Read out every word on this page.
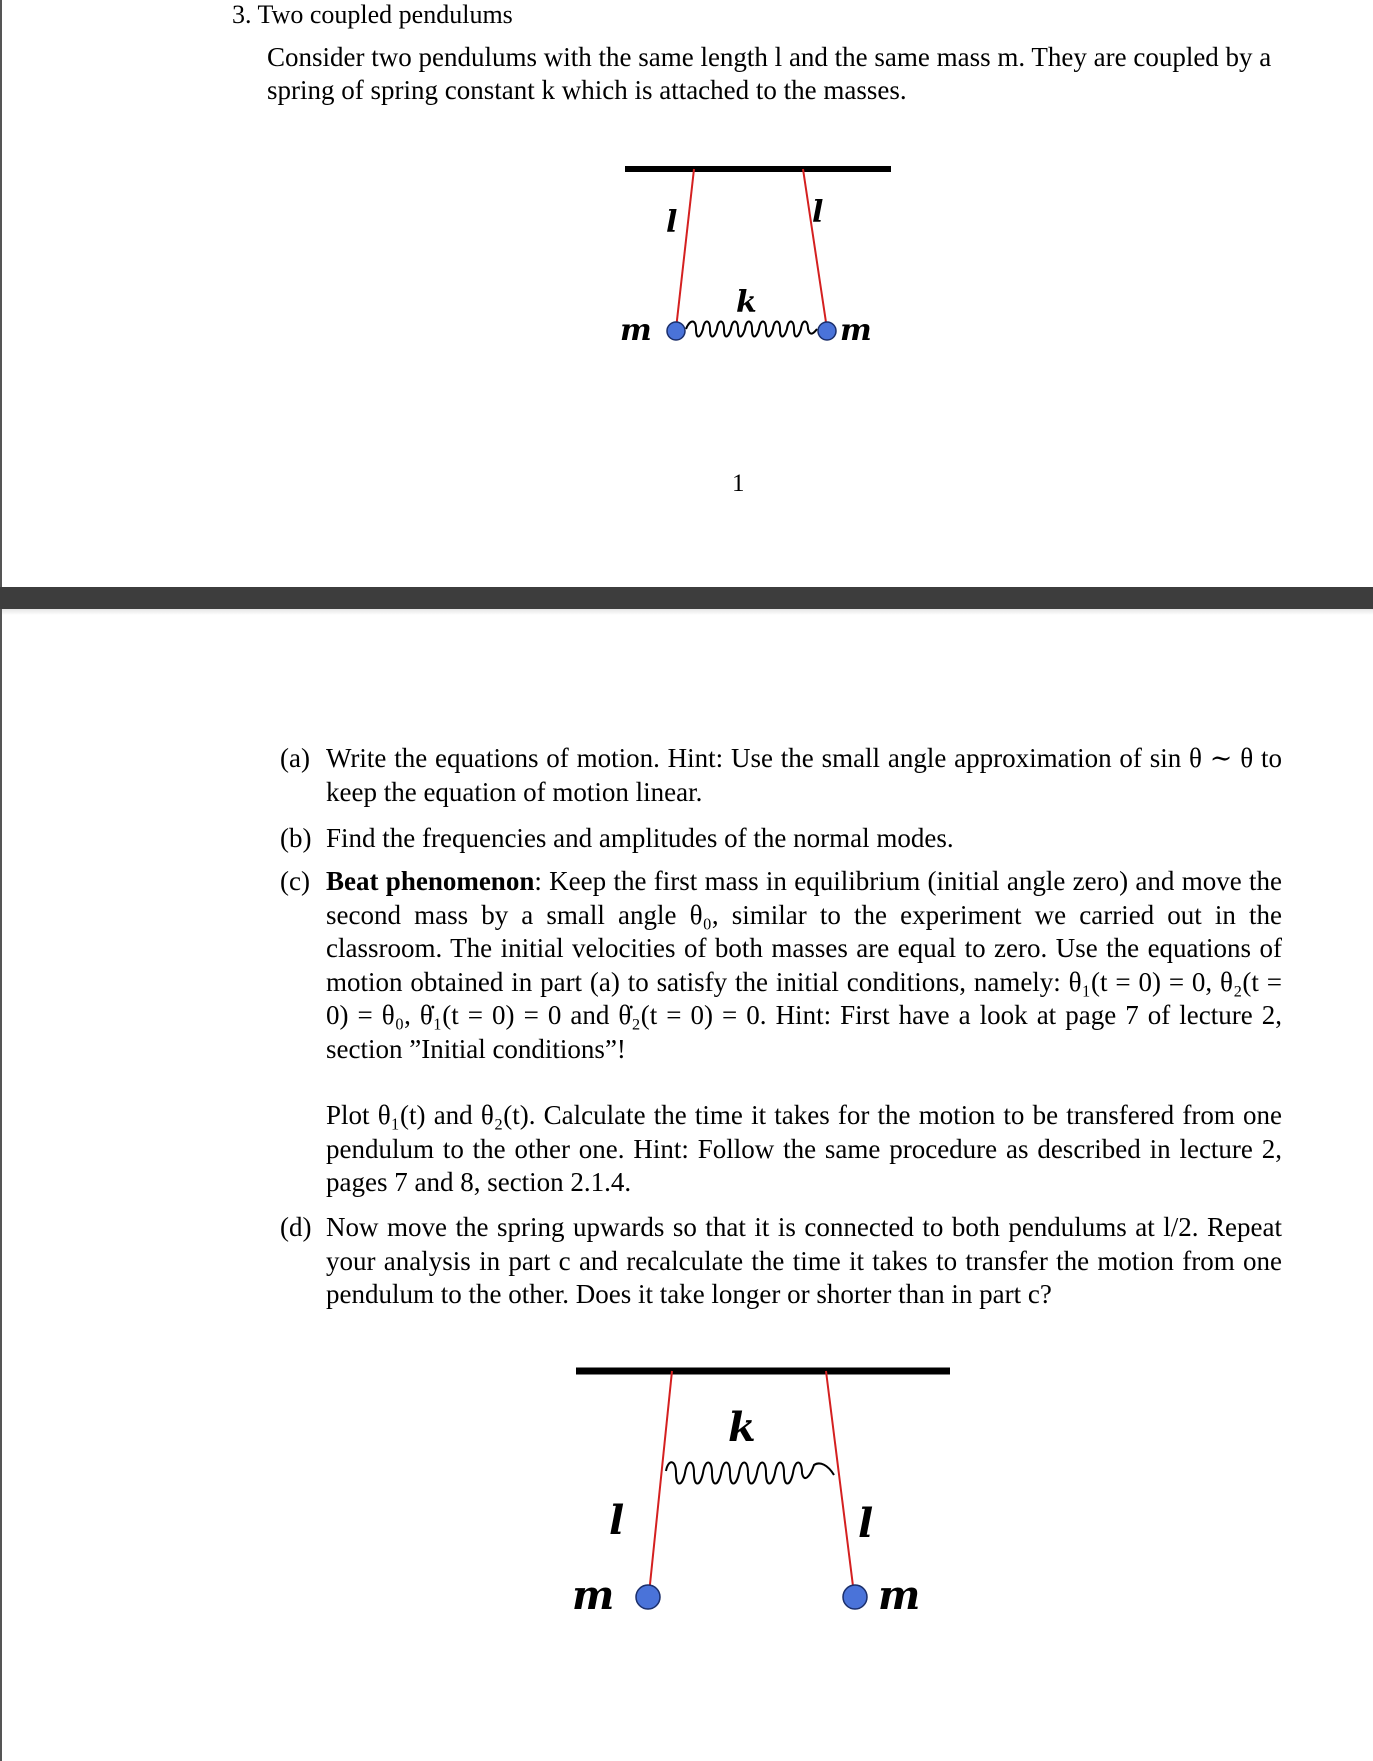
3. Two coupled pendulums
Consider two pendulums with the same length l and the same mass m. They are coupled by a spring of spring constant k which is attached to the masses.
l	l
k
m	m
1
(a) Write the equations of motion. Hint: Use the small angle approximation of sin θ ∼ θ to keep the equation of motion linear.
(b) Find the frequencies and amplitudes of the normal modes.
(c) Beat phenomenon: Keep the first mass in equilibrium (initial angle zero) and move the second mass by a small angle θ₀, similar to the experiment we carried out in the classroom. The initial velocities of both masses are equal to zero. Use the equations of motion obtained in part (a) to satisfy the initial conditions, namely: θ₁(t = 0) = 0, θ₂(t = 0) = θ₀, θ̇₁(t = 0) = 0 and θ̇₂(t = 0) = 0. Hint: First have a look at page 7 of lecture 2, section ”Initial conditions”!
Plot θ₁(t) and θ₂(t). Calculate the time it takes for the motion to be transfered from one pendulum to the other one. Hint: Follow the same procedure as described in lecture 2, pages 7 and 8, section 2.1.4.
(d) Now move the spring upwards so that it is connected to both pendulums at l/2. Repeat your analysis in part c and recalculate the time it takes to transfer the motion from one pendulum to the other. Does it take longer or shorter than in part c?
k
l	l
m	m
